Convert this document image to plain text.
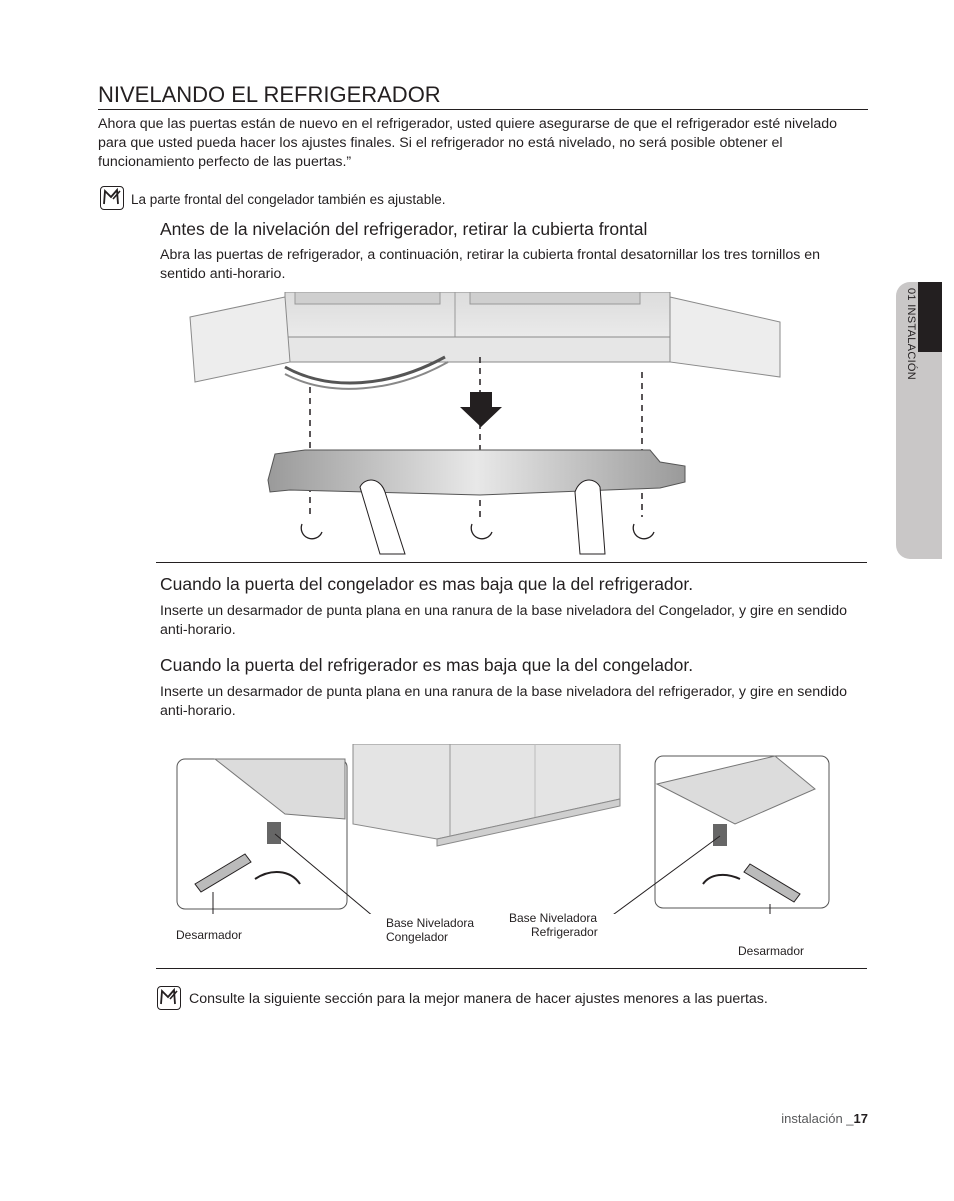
NIVELANDO EL REFRIGERADOR
Ahora que las puertas están de nuevo en el refrigerador, usted quiere asegurarse de que el refrigerador esté nivelado para que usted pueda hacer los ajustes finales. Si el refrigerador no está nivelado, no será posible obtener el funcionamiento perfecto de las puertas.”
La parte frontal del congelador también es ajustable.
Antes de la nivelación del refrigerador, retirar la cubierta frontal
Abra las puertas de refrigerador, a continuación, retirar la cubierta frontal desatornillar los tres tornillos en sentido anti-horario.
Cuando la puerta del congelador es mas baja que la del refrigerador.
Inserte un desarmador de punta plana en una ranura de la base niveladora del Congelador, y gire en sendido anti-horario.
Cuando la puerta del refrigerador es mas baja que la del congelador.
Inserte un desarmador de punta plana en una ranura de la base niveladora del refrigerador, y gire en sendido anti-horario.
Desarmador
Base Niveladora
Congelador
Base Niveladora
Refrigerador
Desarmador
Consulte la siguiente sección para la mejor manera de hacer ajustes menores a las puertas.
01 INSTALACIÓN
instalación _17
